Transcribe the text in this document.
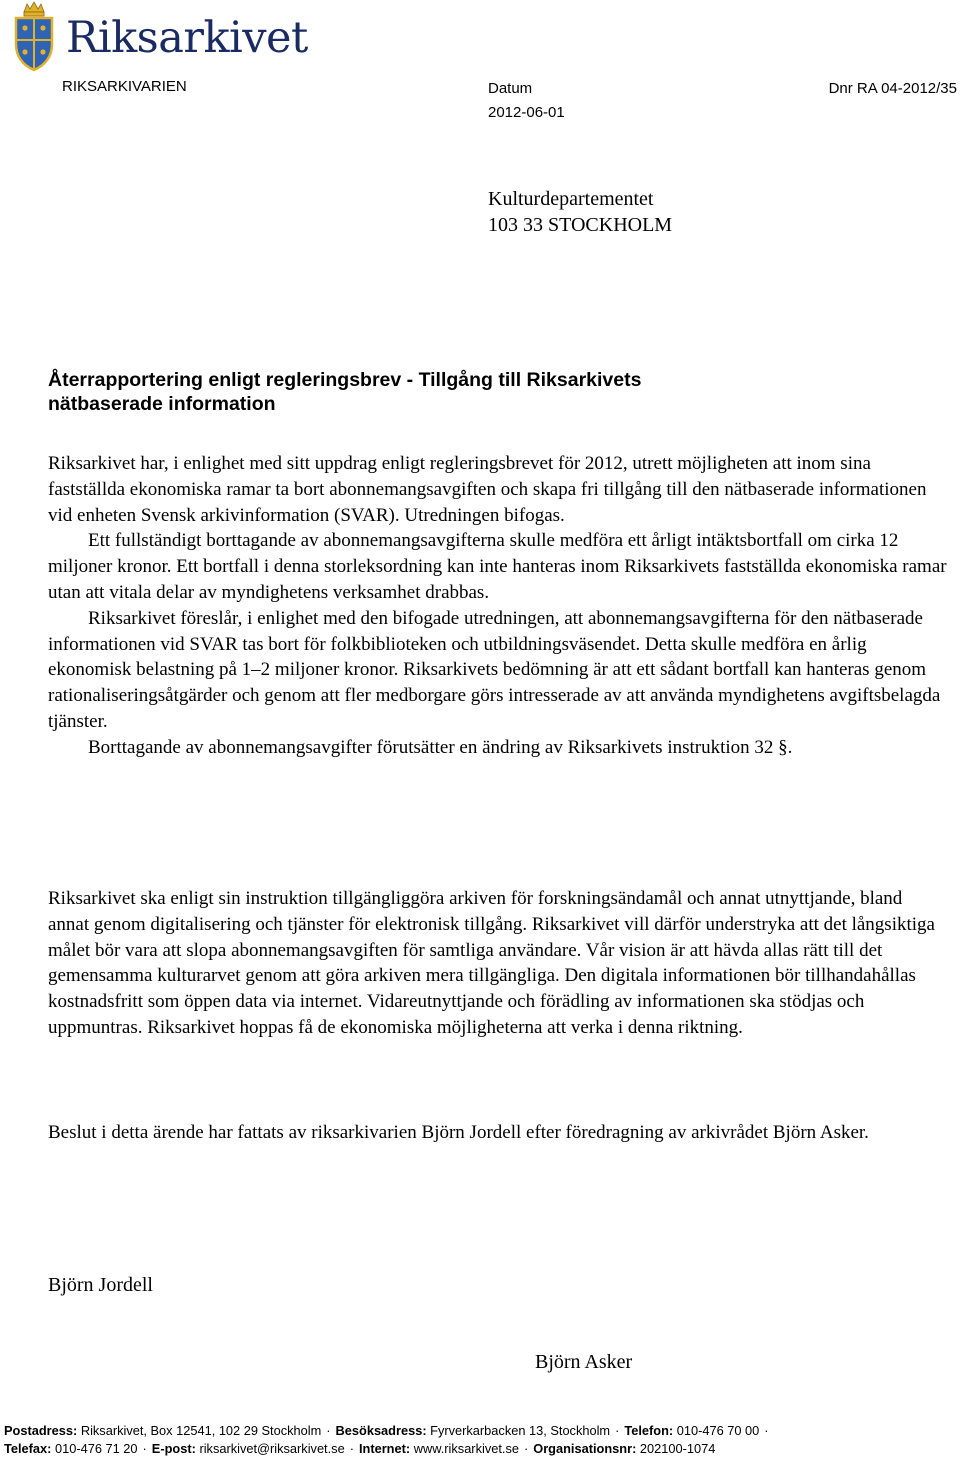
Riksarkivet
RIKSARKIVARIEN	Datum	Dnr RA 04-2012/35
2012-06-01
Kulturdepartementet
103 33 STOCKHOLM
Återrapportering enligt regleringsbrev - Tillgång till Riksarkivets
nätbaserade information
Riksarkivet har, i enlighet med sitt uppdrag enligt regleringsbrevet för 2012, utrett möjligheten att inom sina fastställda ekonomiska ramar ta bort abonnemangsavgiften och skapa fri tillgång till den nätbaserade informationen vid enheten Svensk arkivinformation (SVAR). Utredningen bifogas.
Ett fullständigt borttagande av abonnemangsavgifterna skulle medföra ett årligt intäktsbortfall om cirka 12 miljoner kronor. Ett bortfall i denna storleksordning kan inte hanteras inom Riksarkivets fastställda ekonomiska ramar utan att vitala delar av myndighetens verksamhet drabbas.
Riksarkivet föreslår, i enlighet med den bifogade utredningen, att abonnemangsavgifterna för den nätbaserade informationen vid SVAR tas bort för folkbiblioteken och utbildningsväsendet. Detta skulle medföra en årlig ekonomisk belastning på 1–2 miljoner kronor. Riksarkivets bedömning är att ett sådant bortfall kan hanteras genom rationaliseringsåtgärder och genom att fler medborgare görs intresserade av att använda myndighetens avgiftsbelagda tjänster.
Borttagande av abonnemangsavgifter förutsätter en ändring av Riksarkivets instruktion 32 §.
Riksarkivet ska enligt sin instruktion tillgängliggöra arkiven för forskningsändamål och annat utnyttjande, bland annat genom digitalisering och tjänster för elektronisk tillgång. Riksarkivet vill därför understryka att det långsiktiga målet bör vara att slopa abonnemangsavgiften för samtliga användare. Vår vision är att hävda allas rätt till det gemensamma kulturarvet genom att göra arkiven mera tillgängliga. Den digitala informationen bör tillhandahållas kostnadsfritt som öppen data via internet. Vidareutnyttjande och förädling av informationen ska stödjas och uppmuntras. Riksarkivet hoppas få de ekonomiska möjligheterna att verka i denna riktning.
Beslut i detta ärende har fattats av riksarkivarien Björn Jordell efter föredragning av arkivrådet Björn Asker.
Björn Jordell
Björn Asker
Postadress: Riksarkivet, Box 12541, 102 29 Stockholm · Besöksadress: Fyrverkarbacken 13, Stockholm · Telefon: 010-476 70 00 ·
Telefax: 010-476 71 20 · E-post: riksarkivet@riksarkivet.se · Internet: www.riksarkivet.se · Organisationsnr: 202100-1074
